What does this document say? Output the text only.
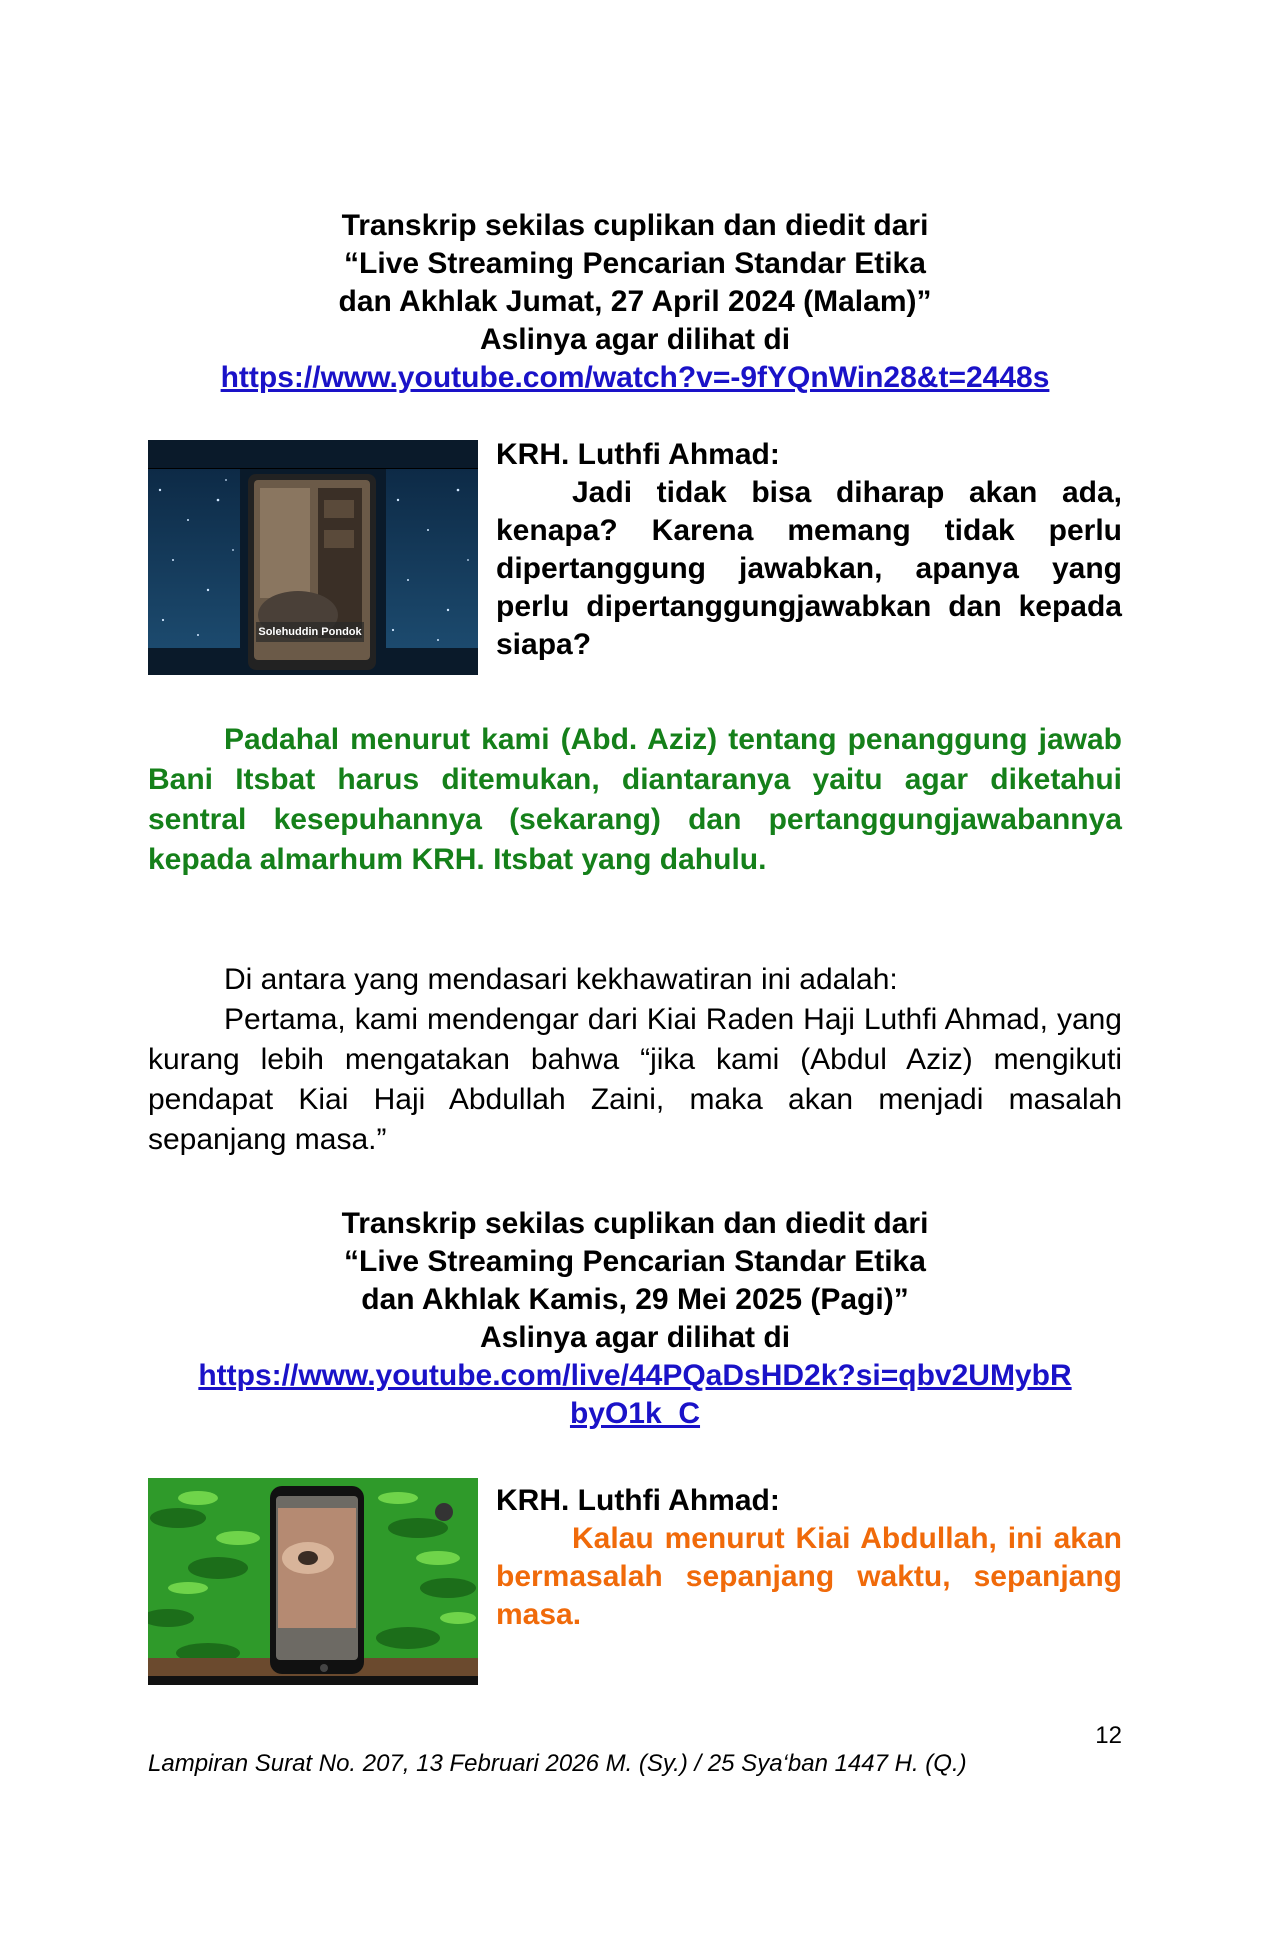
Transkrip sekilas cuplikan dan diedit dari
“Live Streaming Pencarian Standar Etika
dan Akhlak Jumat, 27 April 2024 (Malam)”
Aslinya agar dilihat di
https://www.youtube.com/watch?v=-9fYQnWin28&t=2448s
Solehuddin Pondok
KRH. Luthfi Ahmad:
Jadi tidak bisa diharap akan ada, kenapa? Karena memang tidak perlu dipertanggung jawabkan, apanya yang perlu dipertanggungjawabkan dan kepada siapa?
Padahal menurut kami (Abd. Aziz) tentang penanggung jawab Bani Itsbat harus ditemukan, diantaranya yaitu agar diketahui sentral kesepuhannya (sekarang) dan pertanggungjawabannya kepada almarhum KRH. Itsbat yang dahulu.
Di antara yang mendasari kekhawatiran ini adalah:
Pertama, kami mendengar dari Kiai Raden Haji Luthfi Ahmad, yang kurang lebih mengatakan bahwa “jika kami (Abdul Aziz) mengikuti pendapat Kiai Haji Abdullah Zaini, maka akan menjadi masalah sepanjang masa.”
Transkrip sekilas cuplikan dan diedit dari
“Live Streaming Pencarian Standar Etika
dan Akhlak Kamis, 29 Mei 2025 (Pagi)”
Aslinya agar dilihat di
https://www.youtube.com/live/44PQaDsHD2k?si=qbv2UMybR
byO1k_C
KRH. Luthfi Ahmad:
Kalau menurut Kiai Abdullah, ini akan bermasalah sepanjang waktu, sepanjang masa.
12
Lampiran Surat No. 207, 13 Februari 2026 M. (Sy.) / 25 Sya‘ban 1447 H. (Q.)
